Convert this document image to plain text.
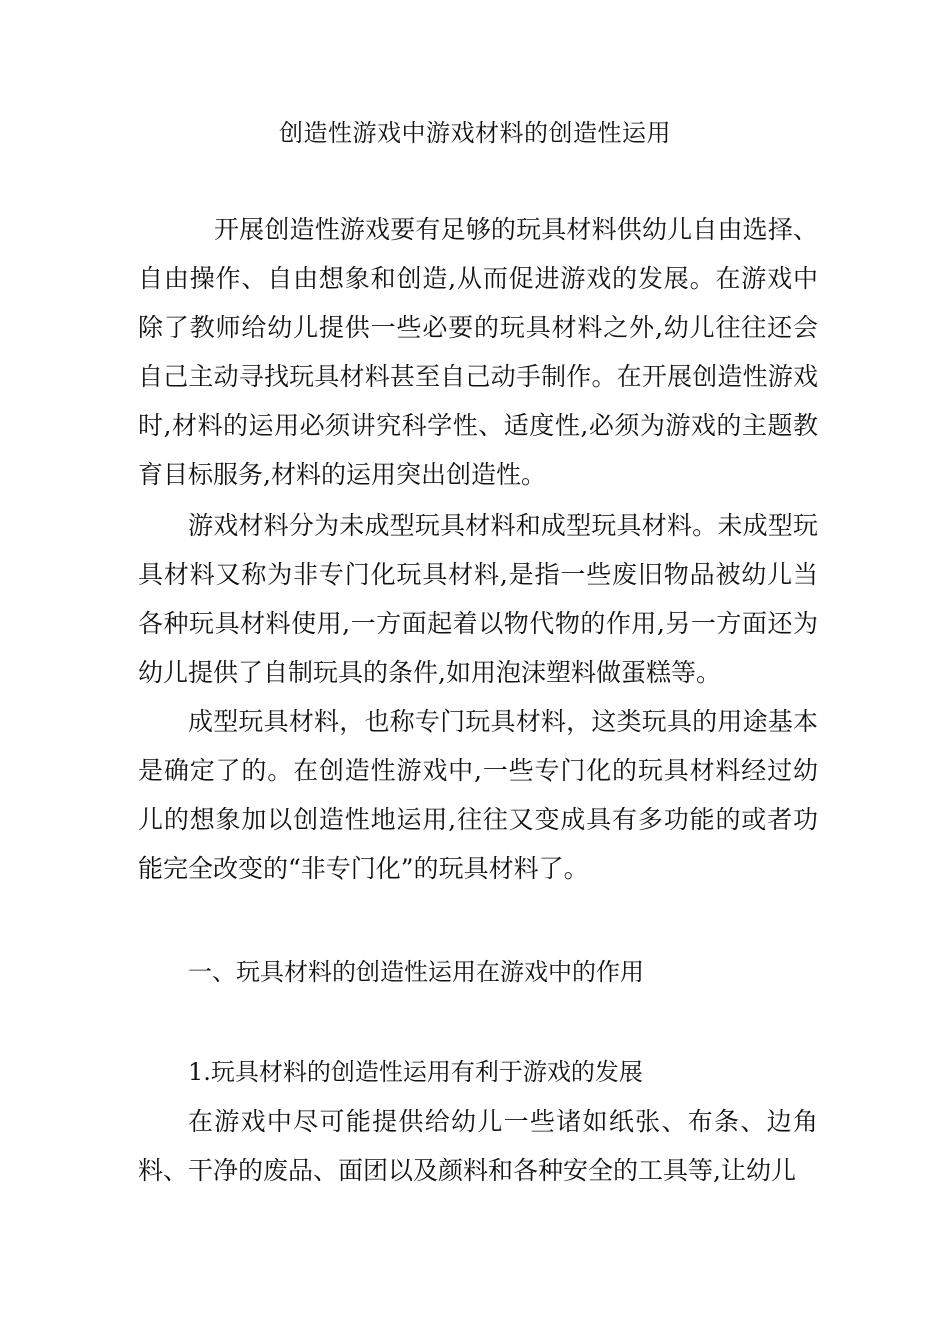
创造性游戏中游戏材料的创造性运用

开展创造性游戏要有足够的玩具材料供幼儿自由选择、自由操作、自由想象和创造,从而促进游戏的发展。在游戏中除了教师给幼儿提供一些必要的玩具材料之外,幼儿往往还会自己主动寻找玩具材料甚至自己动手制作。在开展创造性游戏时,材料的运用必须讲究科学性、适度性,必须为游戏的主题教育目标服务,材料的运用突出创造性。

游戏材料分为未成型玩具材料和成型玩具材料。未成型玩具材料又称为非专门化玩具材料,是指一些废旧物品被幼儿当各种玩具材料使用,一方面起着以物代物的作用,另一方面还为幼儿提供了自制玩具的条件,如用泡沫塑料做蛋糕等。

成型玩具材料，也称专门玩具材料，这类玩具的用途基本是确定了的。在创造性游戏中,一些专门化的玩具材料经过幼儿的想象加以创造性地运用,往往又变成具有多功能的或者功能完全改变的“非专门化”的玩具材料了。

一、玩具材料的创造性运用在游戏中的作用
1.玩具材料的创造性运用有利于游戏的发展

在游戏中尽可能提供给幼儿一些诸如纸张、布条、边角料、干净的废品、面团以及颜料和各种安全的工具等,让幼儿
